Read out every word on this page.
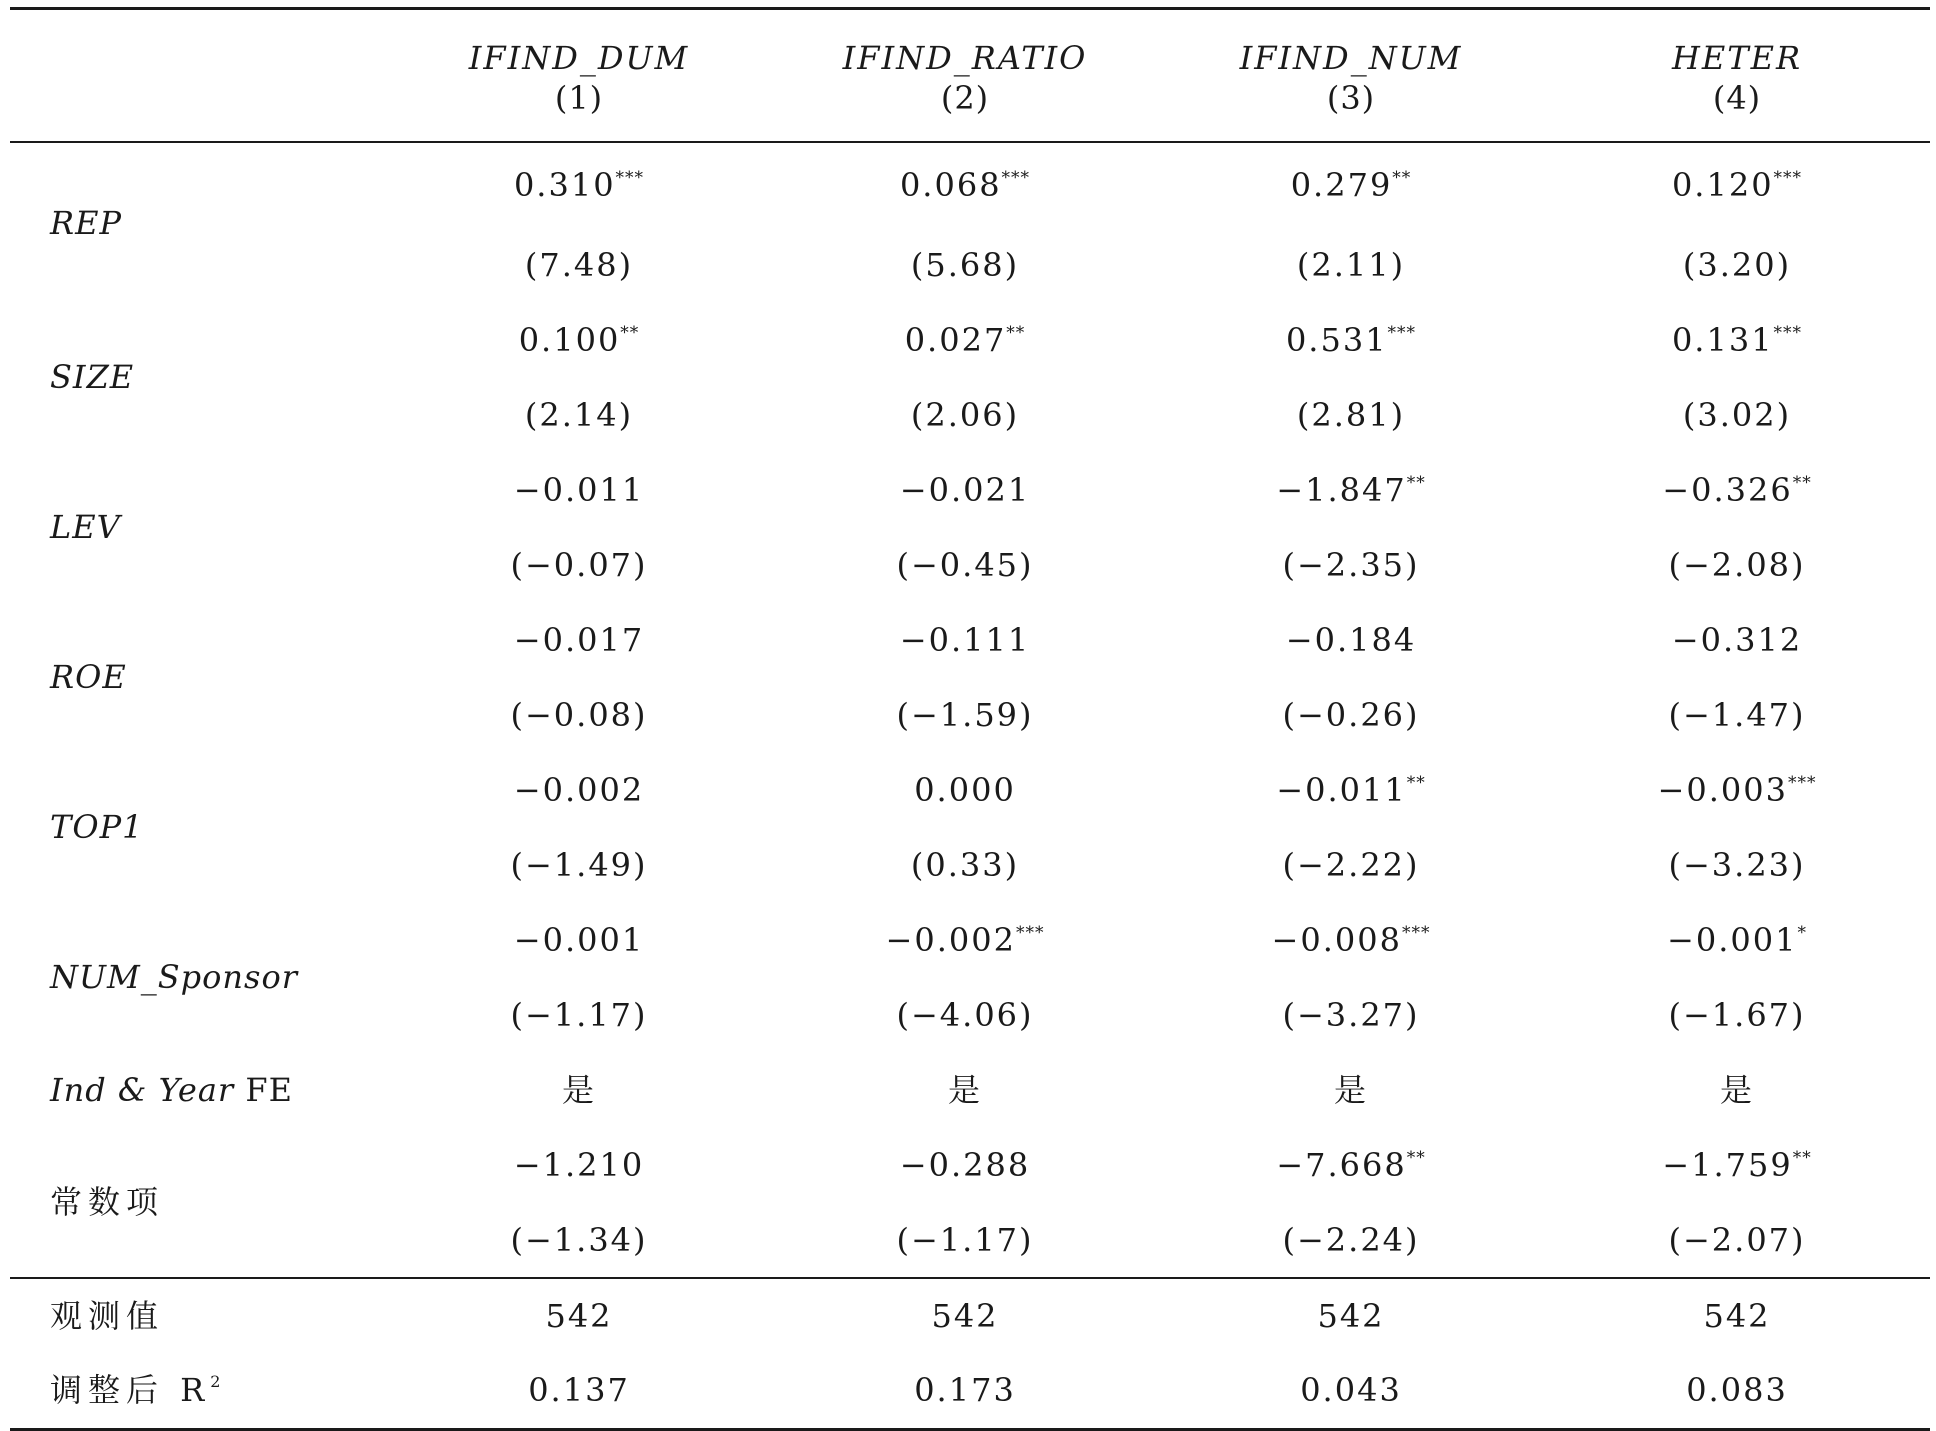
	IFIND_DUM	IFIND_RATIO	IFIND_NUM	HETER
	(1)	(2)	(3)	(4)
REP	0.310***	0.068***	0.279**	0.120***
	(7.48)	(5.68)	(2.11)	(3.20)
SIZE	0.100**	0.027**	0.531***	0.131***
	(2.14)	(2.06)	(2.81)	(3.02)
LEV	−0.011	−0.021	−1.847**	−0.326**
	(−0.07)	(−0.45)	(−2.35)	(−2.08)
ROE	−0.017	−0.111	−0.184	−0.312
	(−0.08)	(−1.59)	(−0.26)	(−1.47)
TOP1	−0.002	0.000	−0.011**	−0.003***
	(−1.49)	(0.33)	(−2.22)	(−3.23)
NUM_Sponsor	−0.001	−0.002***	−0.008***	−0.001*
	(−1.17)	(−4.06)	(−3.27)	(−1.67)
Ind & Year FE	是	是	是	是
常数项	−1.210	−0.288	−7.668**	−1.759**
	(−1.34)	(−1.17)	(−2.24)	(−2.07)
观测值	542	542	542	542
调整后 $R^2$	0.137	0.173	0.043	0.083
